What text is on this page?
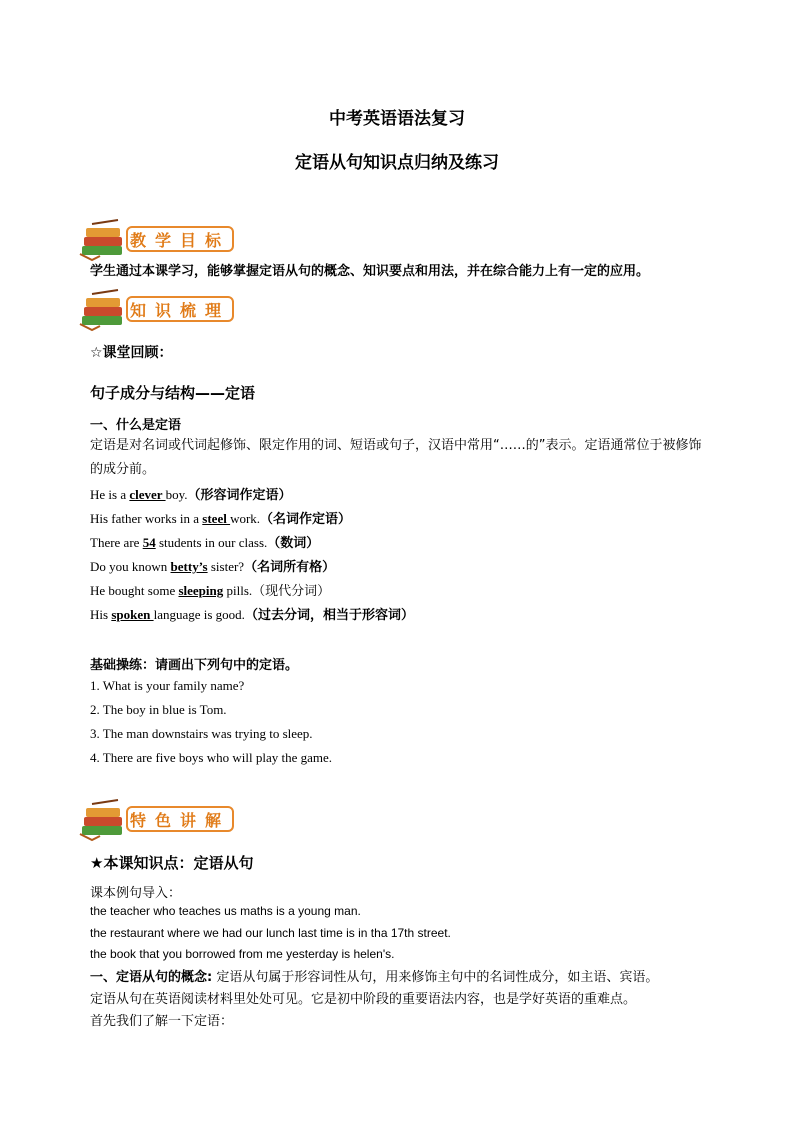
中考英语语法复习
定语从句知识点归纳及练习
教学目标

学生通过本课学习，能够掌握定语从句的概念、知识要点和用法，并在综合能力上有一定的应用。

知识梳理

☆课堂回顾：

句子成分与结构——定语

一、什么是定语

定语是对名词或代词起修饰、限定作用的词、短语或句子，汉语中常用“……的”表示。定语通常位于被修饰的成分前。

He is a clever boy.（形容词作定语）

His father works in a steel work.（名词作定语）

There are 54 students in our class.（数词）

Do you known betty’s sister?（名词所有格）

He bought some sleeping pills.（现代分词）

His spoken language is good.（过去分词，相当于形容词）

基础操练：请画出下列句中的定语。

1. What is your family name?

2. The boy in blue is Tom.

3. The man downstairs was trying to sleep.

4. There are five boys who will play the game.

特色讲解

★本课知识点：定语从句

课本例句导入：

the teacher who teaches us maths is a young man.

the restaurant where we had our lunch last time is in tha 17th street.

the book that you borrowed from me yesterday is helen's.

一、定语从句的概念: 定语从句属于形容词性从句，用来修饰主句中的名词性成分，如主语、宾语。

定语从句在英语阅读材料里处处可见。它是初中阶段的重要语法内容，也是学好英语的重难点。

首先我们了解一下定语：
